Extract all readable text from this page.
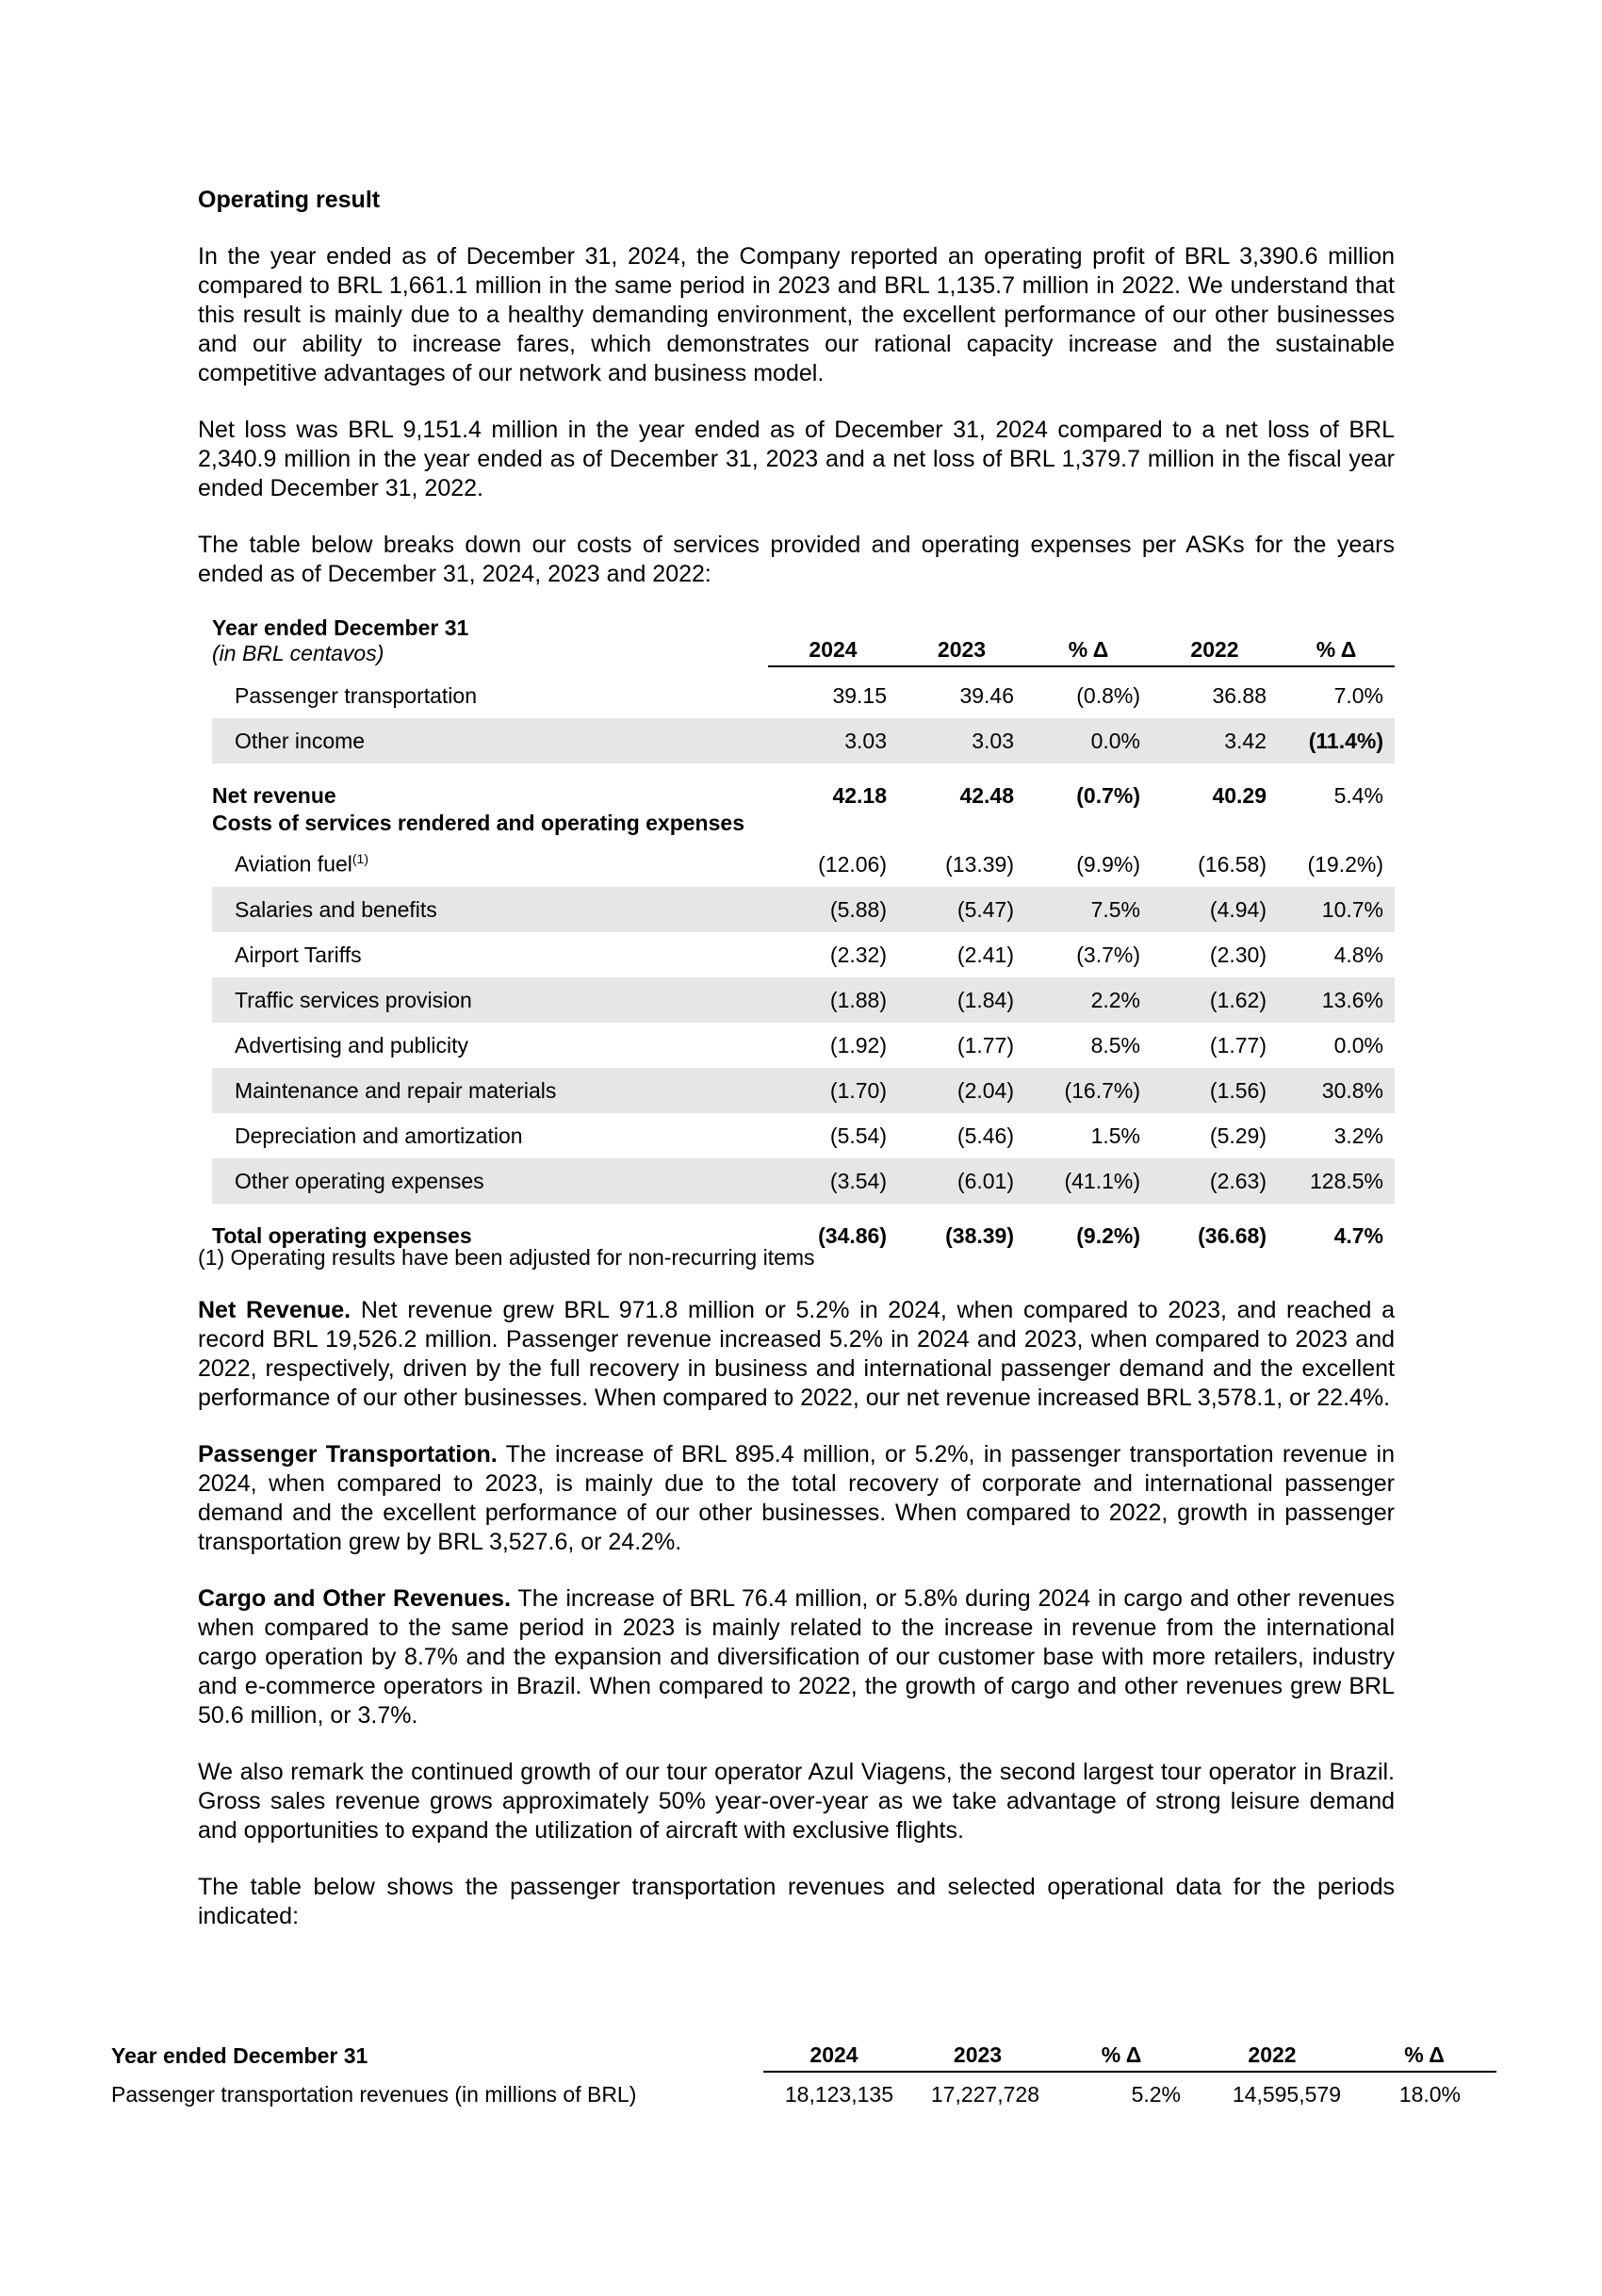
Operating result

In the year ended as of December 31, 2024, the Company reported an operating profit of BRL 3,390.6 million compared to BRL 1,661.1 million in the same period in 2023 and BRL 1,135.7 million in 2022. We understand that this result is mainly due to a healthy demanding environment, the excellent performance of our other businesses and our ability to increase fares, which demonstrates our rational capacity increase and the sustainable competitive advantages of our network and business model.

Net loss was BRL 9,151.4 million in the year ended as of December 31, 2024 compared to a net loss of BRL 2,340.9 million in the year ended as of December 31, 2023 and a net loss of BRL 1,379.7 million in the fiscal year ended December 31, 2022.

The table below breaks down our costs of services provided and operating expenses per ASKs for the years ended as of December 31, 2024, 2023 and 2022:

Year ended December 31
(in BRL centavos)	2024	2023	% Δ	2022	% Δ

Passenger transportation	39.15	39.46	(0.8%)	36.88	7.0%
Other income	3.03	3.03	0.0%	3.42	(11.4%)
Net revenue	42.18	42.48	(0.7%)	40.29	5.4%
Costs of services rendered and operating expenses					

Aviation fuel$^{(1)}$	(12.06)	(13.39)	(9.9%)	(16.58)	(19.2%)
Salaries and benefits	(5.88)	(5.47)	7.5%	(4.94)	10.7%
Airport Tariffs	(2.32)	(2.41)	(3.7%)	(2.30)	4.8%
Traffic services provision	(1.88)	(1.84)	2.2%	(1.62)	13.6%
Advertising and publicity	(1.92)	(1.77)	8.5%	(1.77)	0.0%
Maintenance and repair materials	(1.70)	(2.04)	(16.7%)	(1.56)	30.8%
Depreciation and amortization	(5.54)	(5.46)	1.5%	(5.29)	3.2%
Other operating expenses	(3.54)	(6.01)	(41.1%)	(2.63)	128.5%
Total operating expenses	(34.86)	(38.39)	(9.2%)	(36.68)	4.7%
(1) Operating results have been adjusted for non-recurring items

Net Revenue. Net revenue grew BRL 971.8 million or 5.2% in 2024, when compared to 2023, and reached a record BRL 19,526.2 million. Passenger revenue increased 5.2% in 2024 and 2023, when compared to 2023 and 2022, respectively, driven by the full recovery in business and international passenger demand and the excellent performance of our other businesses. When compared to 2022, our net revenue increased BRL 3,578.1, or 22.4%.

Passenger Transportation. The increase of BRL 895.4 million, or 5.2%, in passenger transportation revenue in 2024, when compared to 2023, is mainly due to the total recovery of corporate and international passenger demand and the excellent performance of our other businesses. When compared to 2022, growth in passenger transportation grew by BRL 3,527.6, or 24.2%.

Cargo and Other Revenues. The increase of BRL 76.4 million, or 5.8% during 2024 in cargo and other revenues when compared to the same period in 2023 is mainly related to the increase in revenue from the international cargo operation by 8.7% and the expansion and diversification of our customer base with more retailers, industry and e-commerce operators in Brazil. When compared to 2022, the growth of cargo and other revenues grew BRL 50.6 million, or 3.7%.

We also remark the continued growth of our tour operator Azul Viagens, the second largest tour operator in Brazil. Gross sales revenue grows approximately 50% year-over-year as we take advantage of strong leisure demand and opportunities to expand the utilization of aircraft with exclusive flights.

The table below shows the passenger transportation revenues and selected operational data for the periods indicated:

Year ended December 31	2024	2023	% Δ	2022	% Δ
Passenger transportation revenues (in millions of BRL)	18,123,135	17,227,728	5.2%	14,595,579	18.0%
